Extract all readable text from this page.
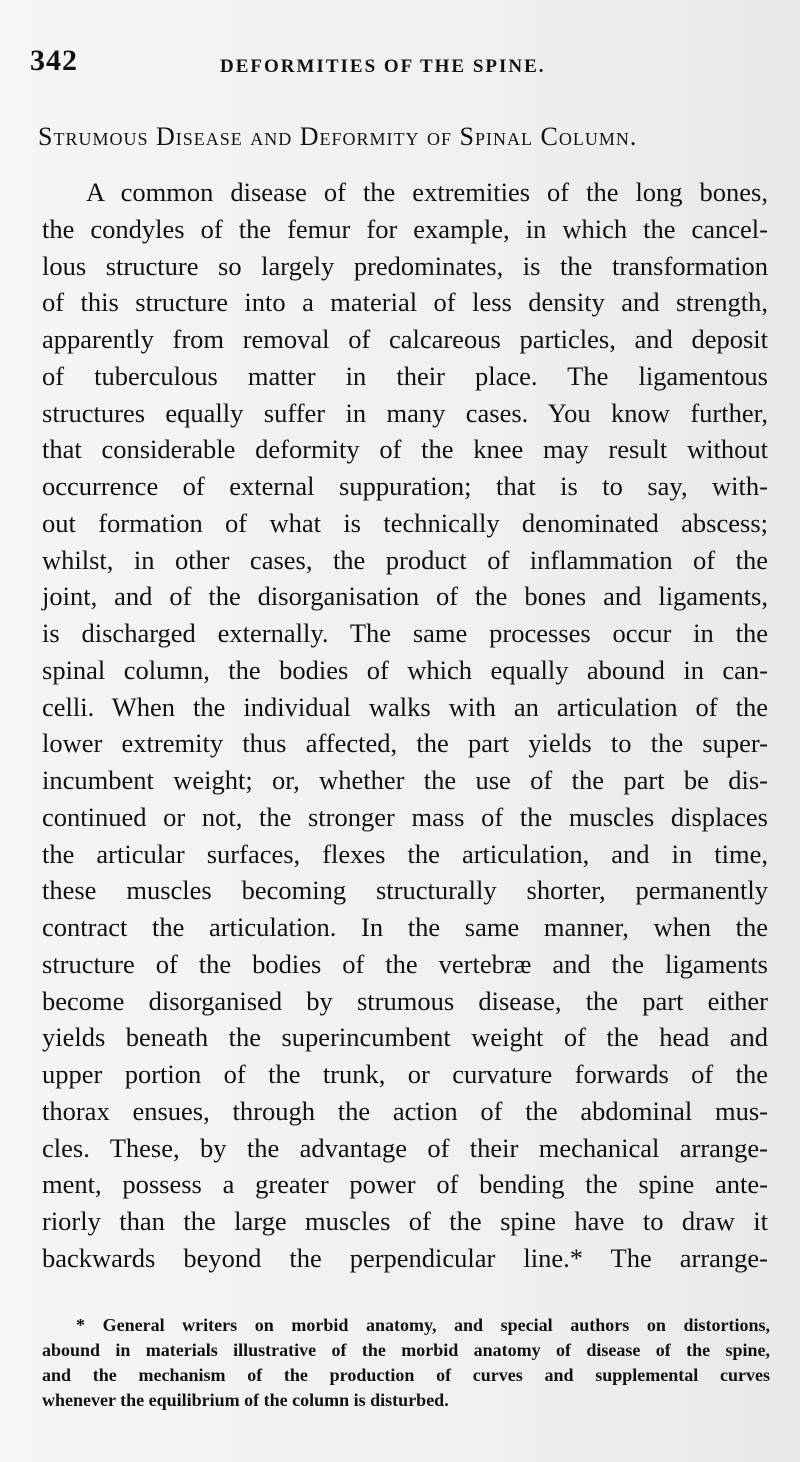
342	DEFORMITIES OF THE SPINE.
Strumous Disease and Deformity of Spinal Column.
A common disease of the extremities of the long bones,
the condyles of the femur for example, in which the cancel-
lous structure so largely predominates, is the transformation
of this structure into a material of less density and strength,
apparently from removal of calcareous particles, and deposit
of tuberculous matter in their place. The ligamentous
structures equally suffer in many cases. You know further,
that considerable deformity of the knee may result without
occurrence of external suppuration; that is to say, with-
out formation of what is technically denominated abscess;
whilst, in other cases, the product of inflammation of the
joint, and of the disorganisation of the bones and ligaments,
is discharged externally. The same processes occur in the
spinal column, the bodies of which equally abound in can-
celli. When the individual walks with an articulation of the
lower extremity thus affected, the part yields to the super-
incumbent weight; or, whether the use of the part be dis-
continued or not, the stronger mass of the muscles displaces
the articular surfaces, flexes the articulation, and in time,
these muscles becoming structurally shorter, permanently
contract the articulation. In the same manner, when the
structure of the bodies of the vertebræ and the ligaments
become disorganised by strumous disease, the part either
yields beneath the superincumbent weight of the head and
upper portion of the trunk, or curvature forwards of the
thorax ensues, through the action of the abdominal mus-
cles. These, by the advantage of their mechanical arrange-
ment, possess a greater power of bending the spine ante-
riorly than the large muscles of the spine have to draw it
backwards beyond the perpendicular line.* The arrange-
* General writers on morbid anatomy, and special authors on distortions,
abound in materials illustrative of the morbid anatomy of disease of the spine,
and the mechanism of the production of curves and supplemental curves
whenever the equilibrium of the column is disturbed.
